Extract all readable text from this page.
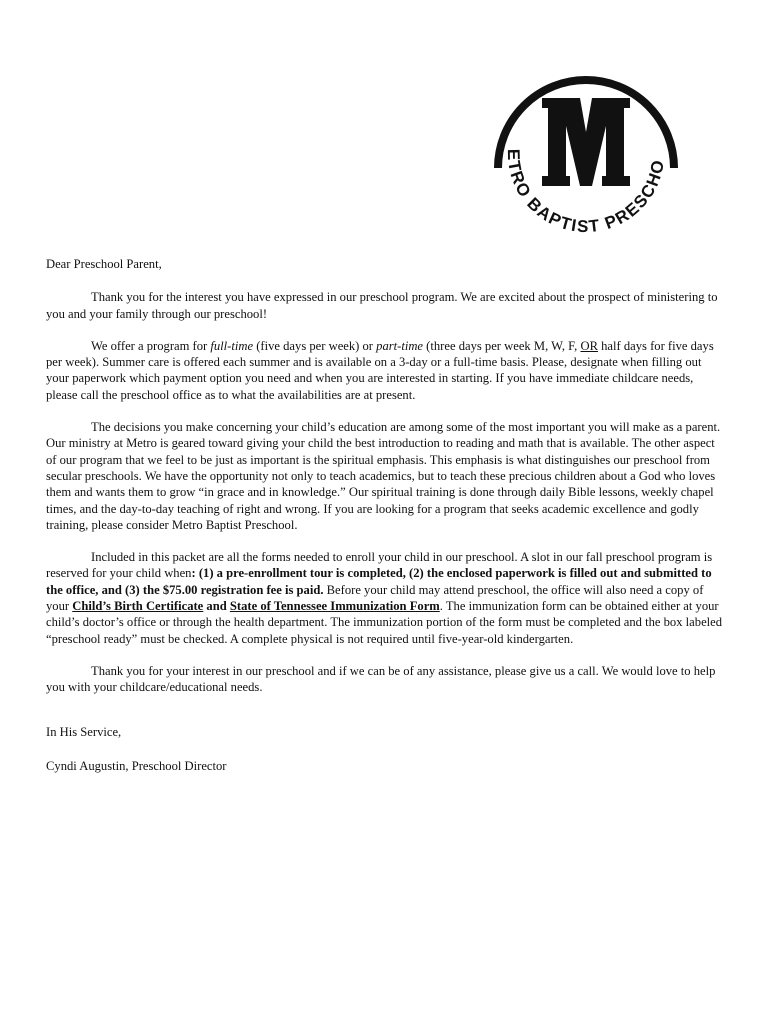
ETRO BAPTIST PRESCHO

Dear Preschool Parent,

Thank you for the interest you have expressed in our preschool program. We are excited about the prospect of ministering to you and your family through our preschool!

We offer a program for full-time (five days per week) or part-time (three days per week M, W, F, OR half days for five days per week). Summer care is offered each summer and is available on a 3-day or a full-time basis. Please, designate when filling out your paperwork which payment option you need and when you are interested in starting. If you have immediate childcare needs, please call the preschool office as to what the availabilities are at present.

The decisions you make concerning your child’s education are among some of the most important you will make as a parent. Our ministry at Metro is geared toward giving your child the best introduction to reading and math that is available. The other aspect of our program that we feel to be just as important is the spiritual emphasis. This emphasis is what distinguishes our preschool from secular preschools. We have the opportunity not only to teach academics, but to teach these precious children about a God who loves them and wants them to grow “in grace and in knowledge.” Our spiritual training is done through daily Bible lessons, weekly chapel times, and the day-to-day teaching of right and wrong. If you are looking for a program that seeks academic excellence and godly training, please consider Metro Baptist Preschool.

Included in this packet are all the forms needed to enroll your child in our preschool. A slot in our fall preschool program is reserved for your child when: (1) a pre-enrollment tour is completed, (2) the enclosed paperwork is filled out and submitted to the office, and (3) the $75.00 registration fee is paid. Before your child may attend preschool, the office will also need a copy of your Child’s Birth Certificate and State of Tennessee Immunization Form. The immunization form can be obtained either at your child’s doctor’s office or through the health department. The immunization portion of the form must be completed and the box labeled “preschool ready” must be checked. A complete physical is not required until five-year-old kindergarten.

Thank you for your interest in our preschool and if we can be of any assistance, please give us a call. We would love to help you with your childcare/educational needs.

In His Service,

Cyndi Augustin, Preschool Director
